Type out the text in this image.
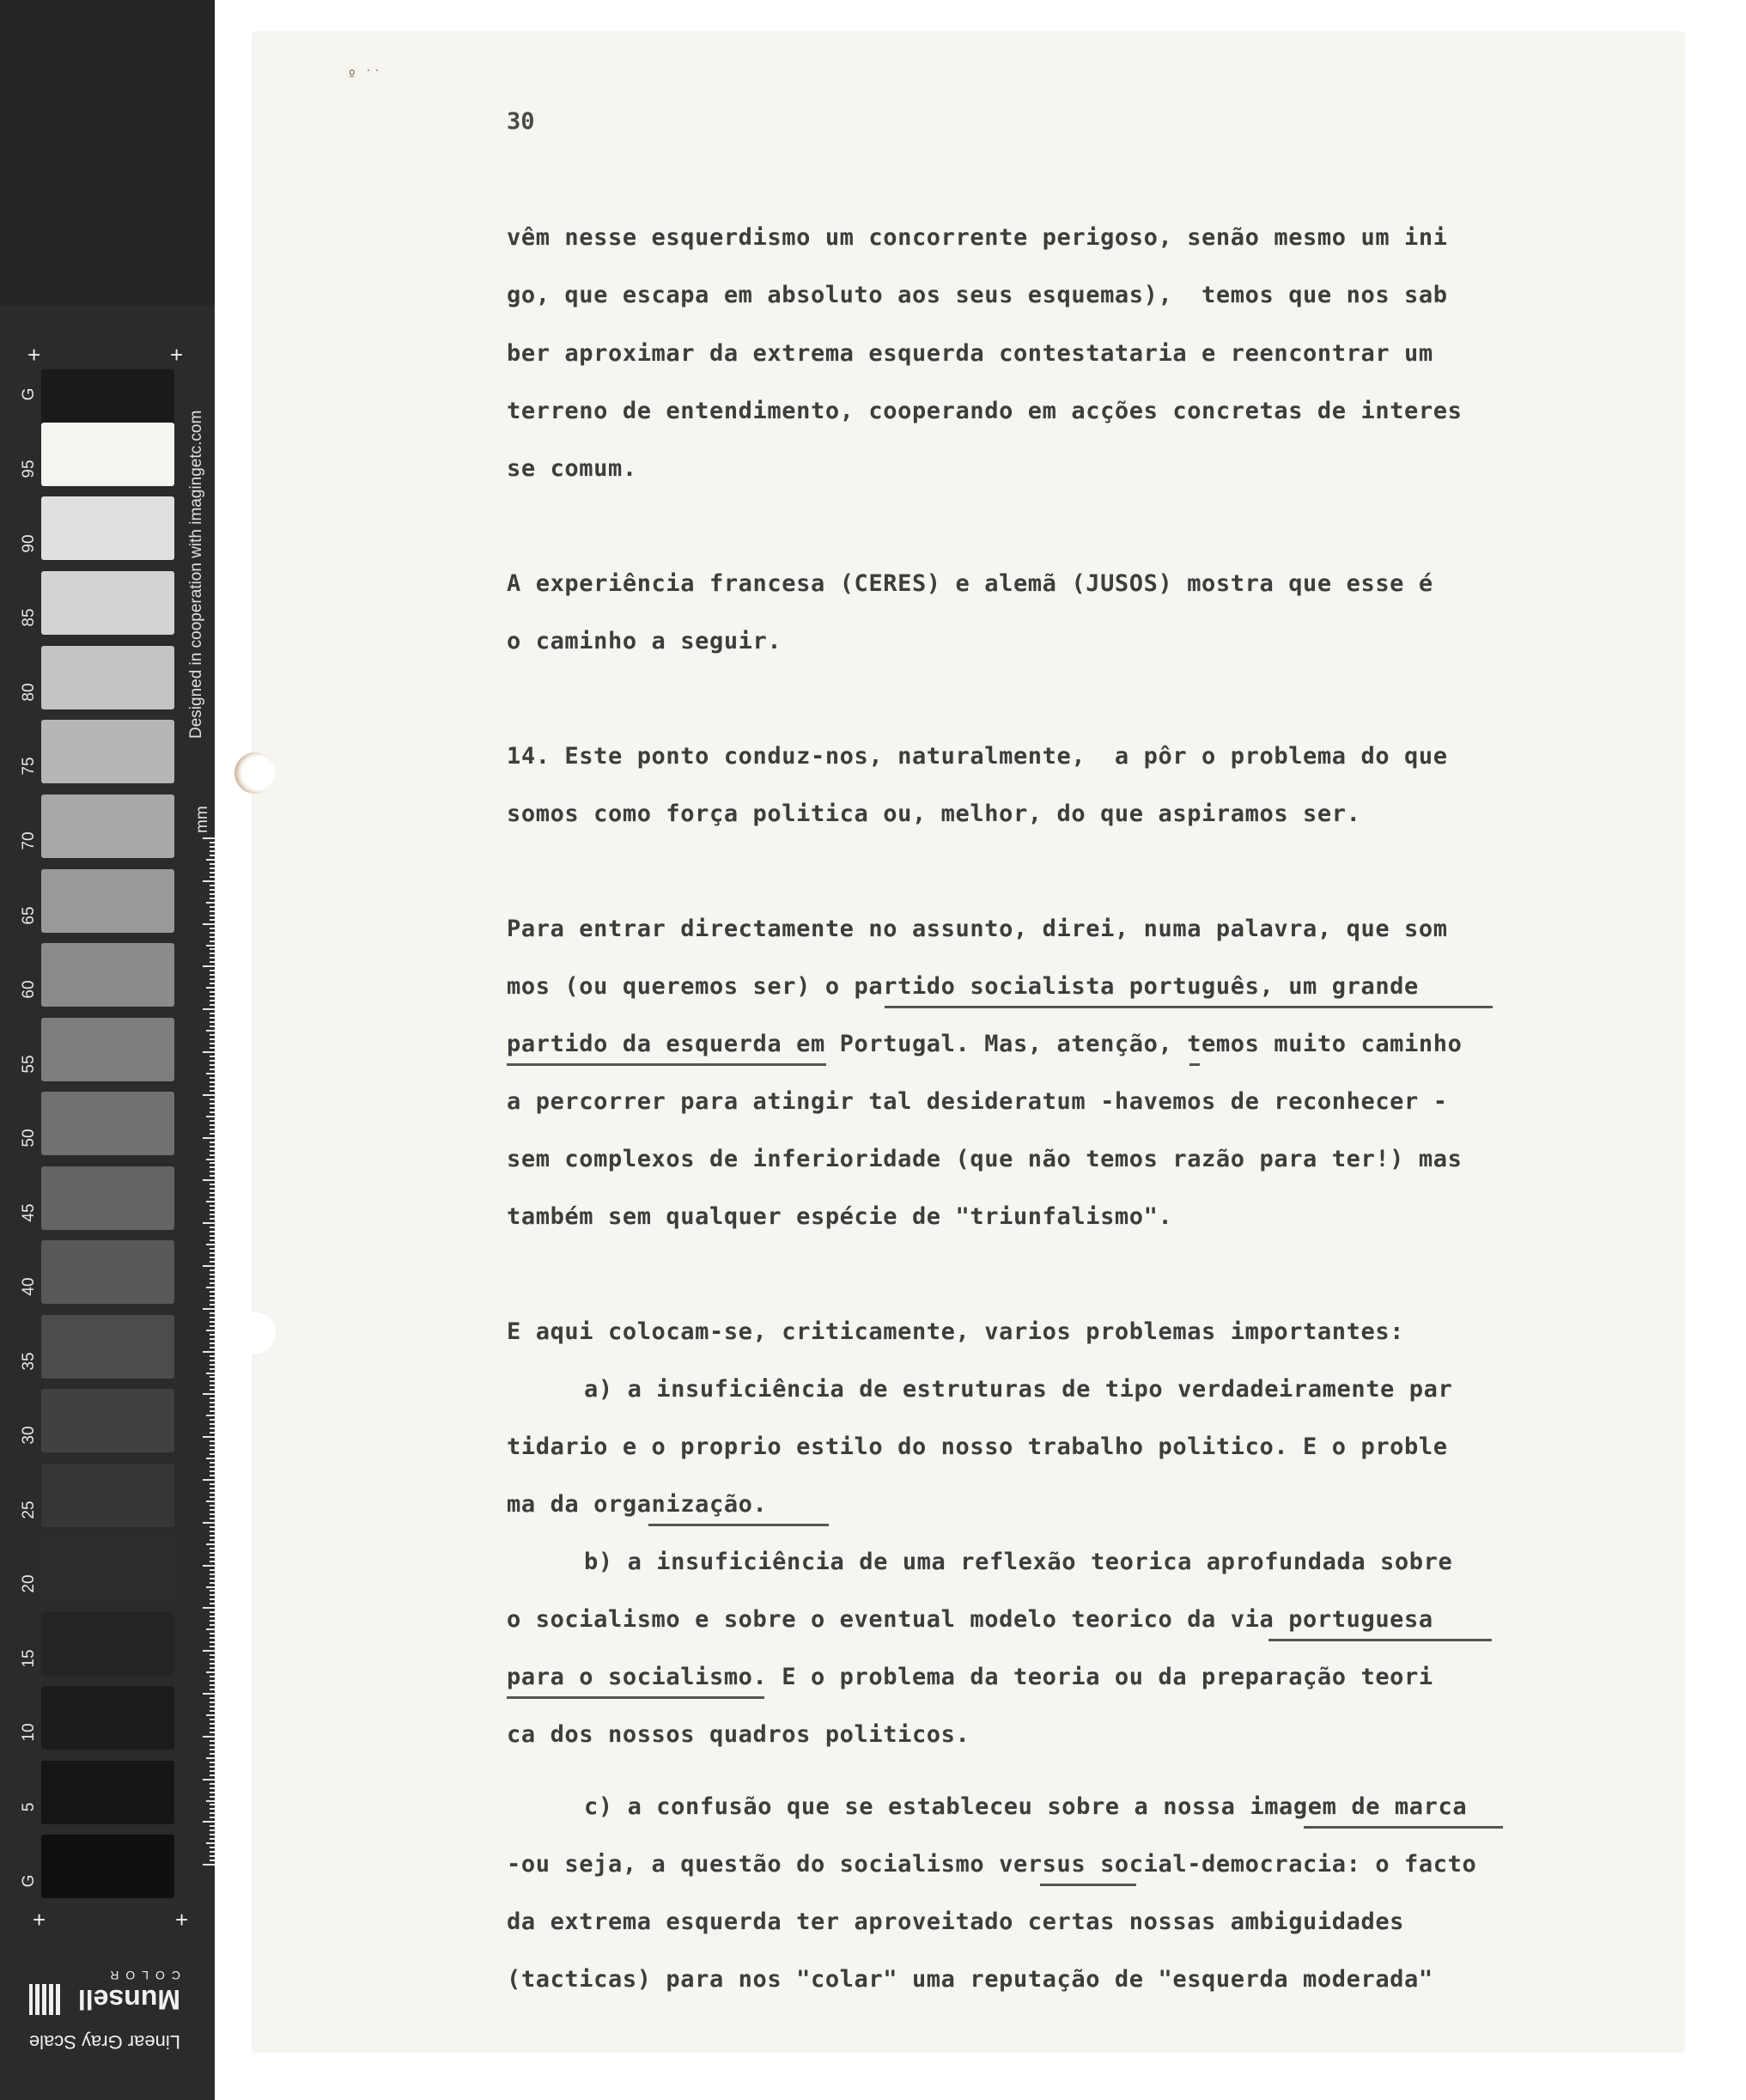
+	+
G
95
90
85
80
75
70
65
60
55
50
45
40
35
30
25
20
15
10
5
G
Designed in cooperation with imagingetc.com
mm
+	+
Linear Gray Scale
Munsell
COLOR
º ˙˙
30
vêm nesse esquerdismo um concorrente perigoso, senão mesmo um ini
go, que escapa em absoluto aos seus esquemas),  temos que nos sab
ber aproximar da extrema esquerda contestataria e reencontrar um
terreno de entendimento, cooperando em acções concretas de interes
se comum.
A experiência francesa (CERES) e alemã (JUSOS) mostra que esse é
o caminho a seguir.
14. Este ponto conduz-nos, naturalmente,  a pôr o problema do que
somos como força politica ou, melhor, do que aspiramos ser.
Para entrar directamente no assunto, direi, numa palavra, que som
mos (ou queremos ser) o partido socialista português, um grande
partido da esquerda em Portugal. Mas, atenção, temos muito caminho
a percorrer para atingir tal desideratum -havemos de reconhecer -
sem complexos de inferioridade (que não temos razão para ter!) mas
também sem qualquer espécie de "triunfalismo".
E aqui colocam-se, criticamente, varios problemas importantes:
a) a insuficiência de estruturas de tipo verdadeiramente par
tidario e o proprio estilo do nosso trabalho politico. E o proble
ma da organização.
b) a insuficiência de uma reflexão teorica aprofundada sobre
o socialismo e sobre o eventual modelo teorico da via portuguesa
para o socialismo. E o problema da teoria ou da preparação teori
ca dos nossos quadros politicos.
c) a confusão que se estableceu sobre a nossa imagem de marca
-ou seja, a questão do socialismo versus social-democracia: o facto
da extrema esquerda ter aproveitado certas nossas ambiguidades
(tacticas) para nos "colar" uma reputação de "esquerda moderada"
